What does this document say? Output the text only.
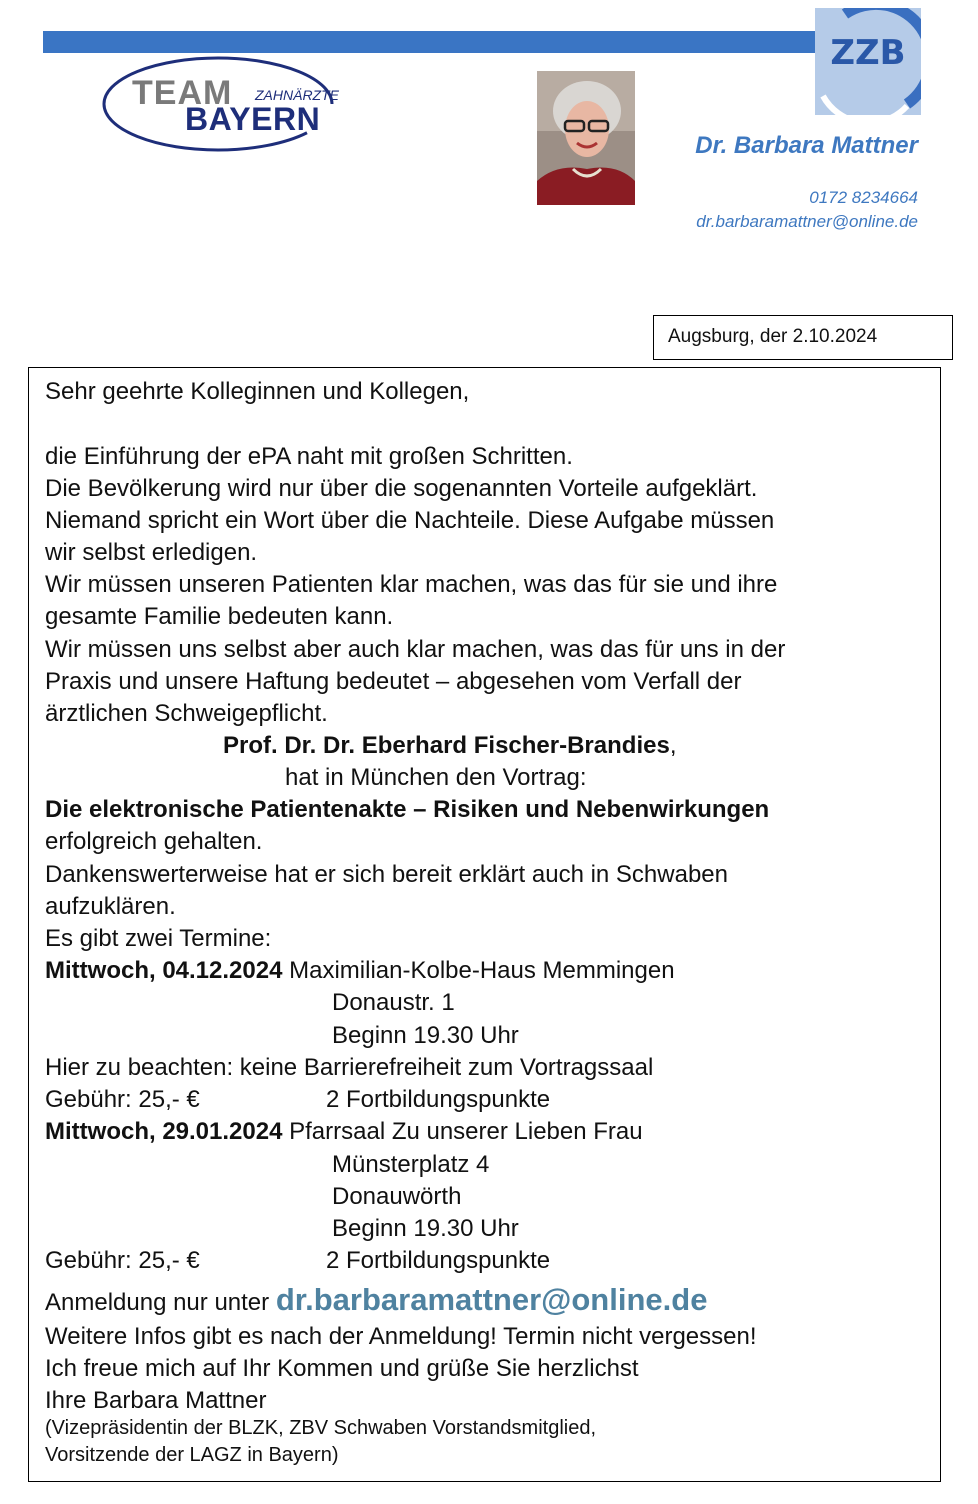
TEAM ZAHNÄRZTE
BAYERN
ZZB
Dr. Barbara Mattner
0172 8234664
dr.barbaramattner@online.de
Augsburg, der 2.10.2024
Sehr geehrte Kolleginnen und Kollegen,
die Einführung der ePA naht mit großen Schritten.
Die Bevölkerung wird nur über die sogenannten Vorteile aufgeklärt.
Niemand spricht ein Wort über die Nachteile. Diese Aufgabe müssen
wir selbst erledigen.
Wir müssen unseren Patienten klar machen, was das für sie und ihre
gesamte Familie bedeuten kann.
Wir müssen uns selbst aber auch klar machen, was das für uns in der
Praxis und unsere Haftung bedeutet – abgesehen vom Verfall der
ärztlichen Schweigepflicht.
Prof. Dr. Dr. Eberhard Fischer-Brandies,
hat in München den Vortrag:
Die elektronische Patientenakte – Risiken und Nebenwirkungen
erfolgreich gehalten.
Dankenswerterweise hat er sich bereit erklärt auch in Schwaben
aufzuklären.
Es gibt zwei Termine:
Mittwoch, 04.12.2024 Maximilian-Kolbe-Haus Memmingen
Donaustr. 1
Beginn 19.30 Uhr
Hier zu beachten: keine Barrierefreiheit zum Vortragssaal
Gebühr: 25,- €	2 Fortbildungspunkte
Mittwoch, 29.01.2024 Pfarrsaal Zu unserer Lieben Frau
Münsterplatz 4
Donauwörth
Beginn 19.30 Uhr
Gebühr: 25,- €	2 Fortbildungspunkte
Anmeldung nur unter dr.barbaramattner@online.de
Weitere Infos gibt es nach der Anmeldung! Termin nicht vergessen!
Ich freue mich auf Ihr Kommen und grüße Sie herzlichst
Ihre Barbara Mattner
(Vizepräsidentin der BLZK, ZBV Schwaben Vorstandsmitglied,
Vorsitzende der LAGZ in Bayern)
